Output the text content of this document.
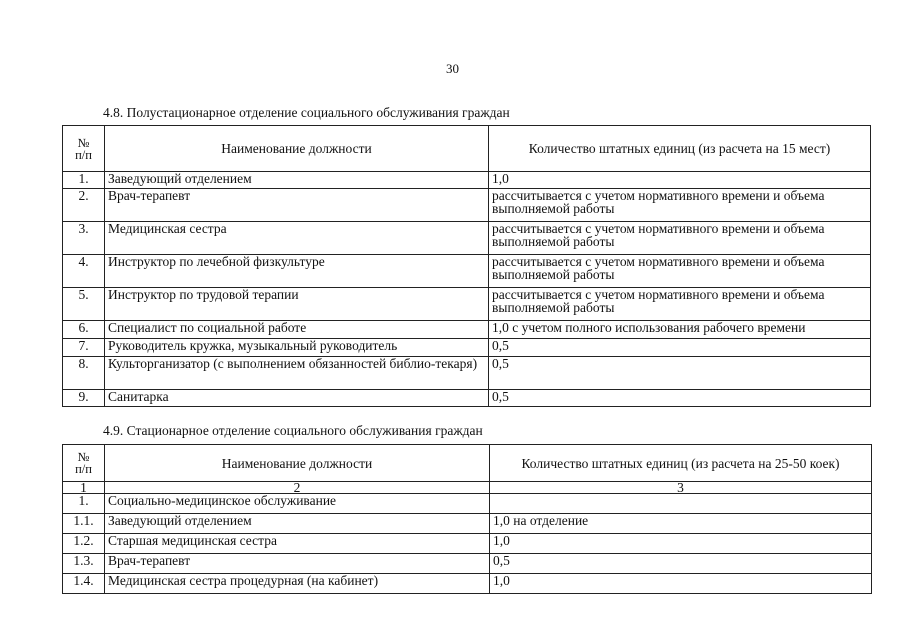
30
4.8. Полустационарное отделение социального обслуживания граждан
№
п/п	Наименование должности	Количество штатных единиц (из расчета на 15 мест)
1.	Заведующий отделением	1,0
2.	Врач-терапевт	рассчитывается с учетом нормативного времени и объема выполняемой работы
3.	Медицинская сестра	рассчитывается с учетом нормативного времени и объема выполняемой работы
4.	Инструктор по лечебной физкультуре	рассчитывается с учетом нормативного времени и объема выполняемой работы
5.	Инструктор по трудовой терапии	рассчитывается с учетом нормативного времени и объема выполняемой работы
6.	Специалист по социальной работе	1,0 с учетом полного использования рабочего времени
7.	Руководитель кружка, музыкальный руководитель	0,5
8.	Культорганизатор (с выполнением обязанностей библио-текаря)	0,5
9.	Санитарка	0,5
4.9. Стационарное отделение социального обслуживания граждан
№
п/п	Наименование должности	Количество штатных единиц (из расчета на 25-50 коек)
1	2	3
1.	Социально-медицинское обслуживание	
1.1.	Заведующий отделением	1,0 на отделение
1.2.	Старшая медицинская сестра	1,0
1.3.	Врач-терапевт	0,5
1.4.	Медицинская сестра процедурная (на кабинет)	1,0
